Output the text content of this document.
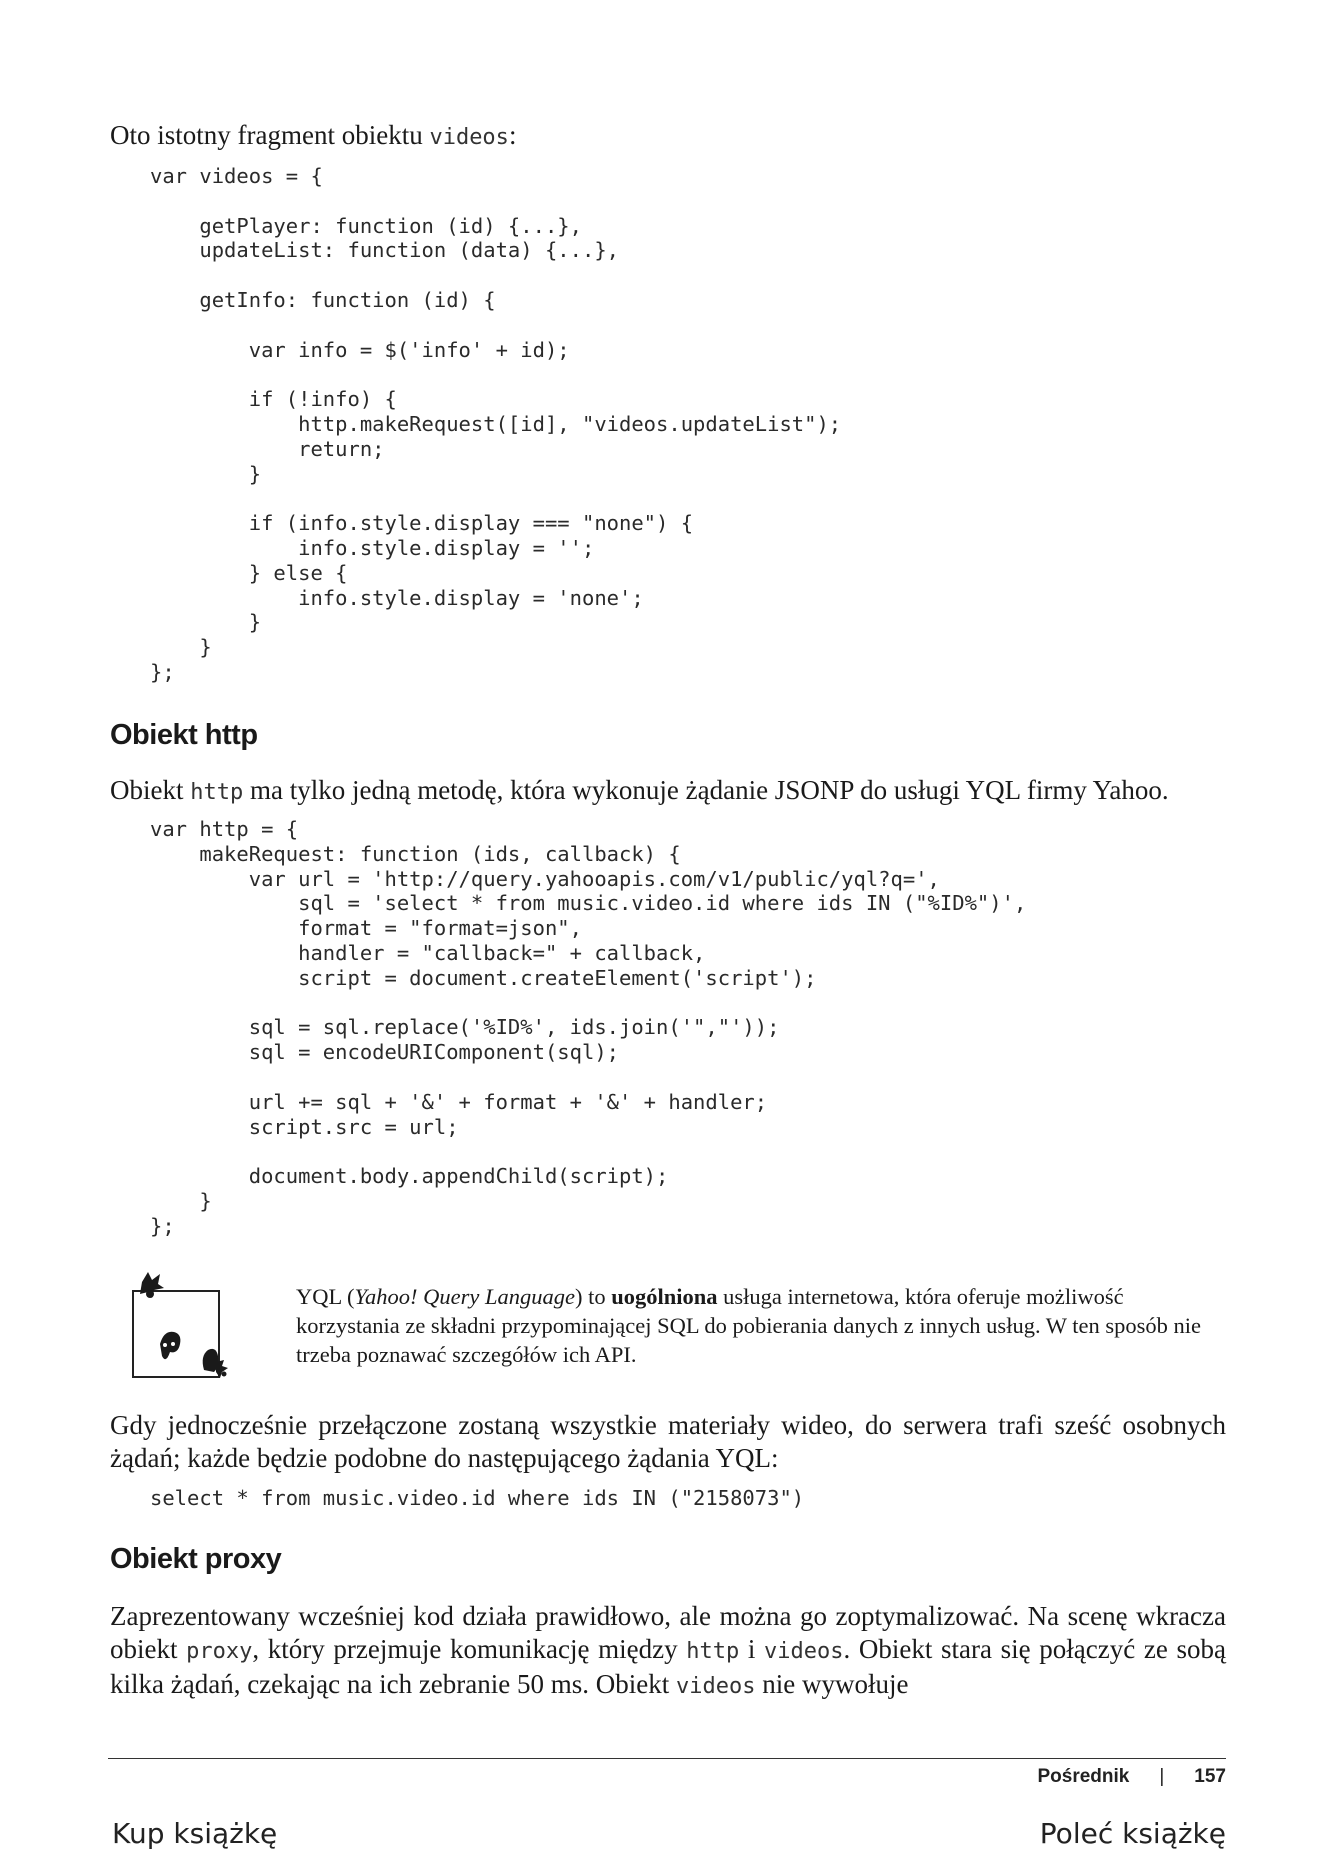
Oto istotny fragment obiektu videos:

var videos = {

getPlayer: function (id) {...},
updateList: function (data) {...},

getInfo: function (id) {

var info = $('info' + id);

if (!info) {
http.makeRequest([id], "videos.updateList");
return;
}

if (info.style.display === "none") {
info.style.display = '';
} else {
info.style.display = 'none';
}
}
};
Obiekt http

Obiekt http ma tylko jedną metodę, która wykonuje żądanie JSONP do usługi YQL firmy Yahoo.

var http = {
makeRequest: function (ids, callback) {
var url = 'http://query.yahooapis.com/v1/public/yql?q=',
sql = 'select * from music.video.id where ids IN ("%ID%")',
format = "format=json",
handler = "callback=" + callback,
script = document.createElement('script');

sql = sql.replace('%ID%', ids.join('","'));
sql = encodeURIComponent(sql);

url += sql + '&' + format + '&' + handler;
script.src = url;

document.body.appendChild(script);
}
};

YQL (Yahoo! Query Language) to uogólniona usługa internetowa, która oferuje możliwość korzystania ze składni przypominającej SQL do pobierania danych z innych usług. W ten sposób nie trzeba poznawać szczegółów ich API.

Gdy jednocześnie przełączone zostaną wszystkie materiały wideo, do serwera trafi sześć osobnych żądań; każde będzie podobne do następującego żądania YQL:

select * from music.video.id where ids IN ("2158073")
Obiekt proxy

Zaprezentowany wcześniej kod działa prawidłowo, ale można go zoptymalizować. Na scenę wkracza obiekt proxy, który przejmuje komunikację między http i videos. Obiekt stara się połączyć ze sobą kilka żądań, czekając na ich zebranie 50 ms. Obiekt videos nie wywołuje

Pośrednik | 157
Kup książkę	Poleć książkę
